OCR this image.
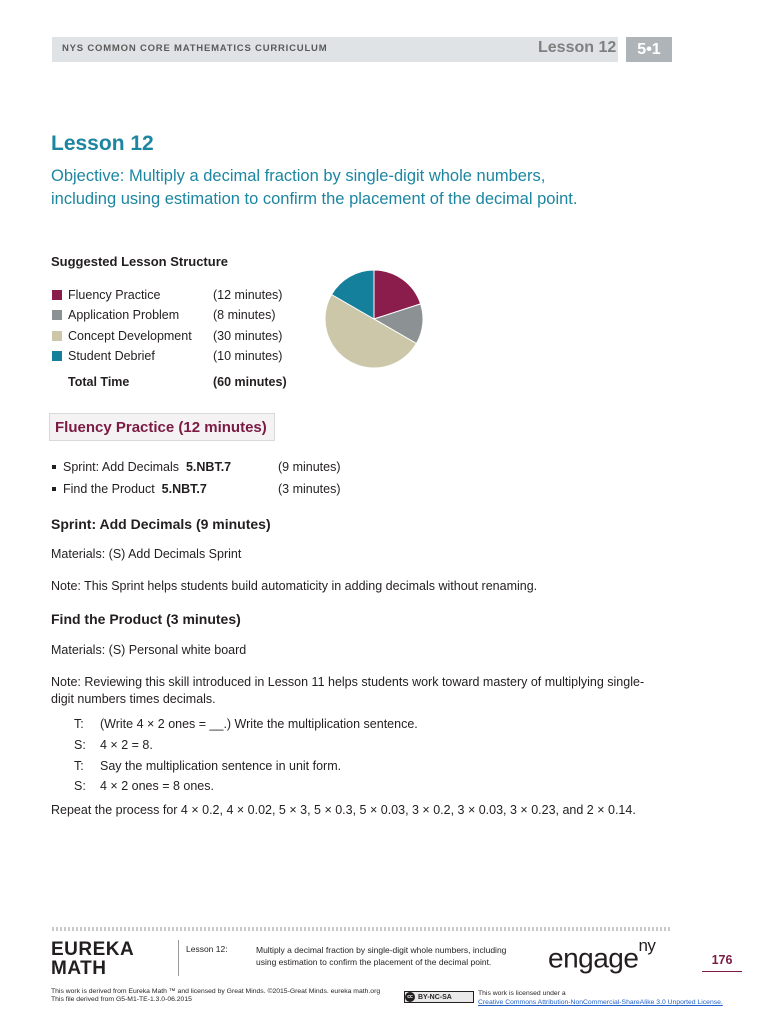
NYS COMMON CORE MATHEMATICS CURRICULUM	Lesson 12	5•1
Lesson 12
Objective: Multiply a decimal fraction by single-digit whole numbers,
including using estimation to confirm the placement of the decimal point.
Suggested Lesson Structure
Fluency Practice	(12 minutes)
Application Problem	(8 minutes)
Concept Development (30 minutes)
Student Debrief	(10 minutes)
Total Time	(60 minutes)
Fluency Practice (12 minutes)
Sprint: Add Decimals 5.NBT.7	(9 minutes)
Find the Product 5.NBT.7	(3 minutes)
Sprint: Add Decimals (9 minutes)
Materials: (S) Add Decimals Sprint
Note: This Sprint helps students build automaticity in adding decimals without renaming.
Find the Product (3 minutes)
Materials: (S) Personal white board
Note: Reviewing this skill introduced in Lesson 11 helps students work toward mastery of multiplying single-
digit numbers times decimals.
T: (Write 4 × 2 ones = __.) Write the multiplication sentence.
S: 4 × 2 = 8.
T: Say the multiplication sentence in unit form.
S: 4 × 2 ones = 8 ones.
Repeat the process for 4 × 0.2, 4 × 0.02, 5 × 3, 5 × 0.3, 5 × 0.03, 3 × 0.2, 3 × 0.03, 3 × 0.23, and 2 × 0.14.
EUREKA
MATH
Lesson 12:	Multiply a decimal fraction by single-digit whole numbers, including
using estimation to confirm the placement of the decimal point.	engage$^{ny}$
176
This work is derived from Eureka Math ™ and licensed by Great Minds. ©2015-Great Minds. eureka math.org
This file derived from G5-M1-TE-1.3.0-06.2015	cc BY-NC-SA
This work is licensed under a
Creative Commons Attribution-NonCommercial-ShareAlike 3.0 Unported License.
